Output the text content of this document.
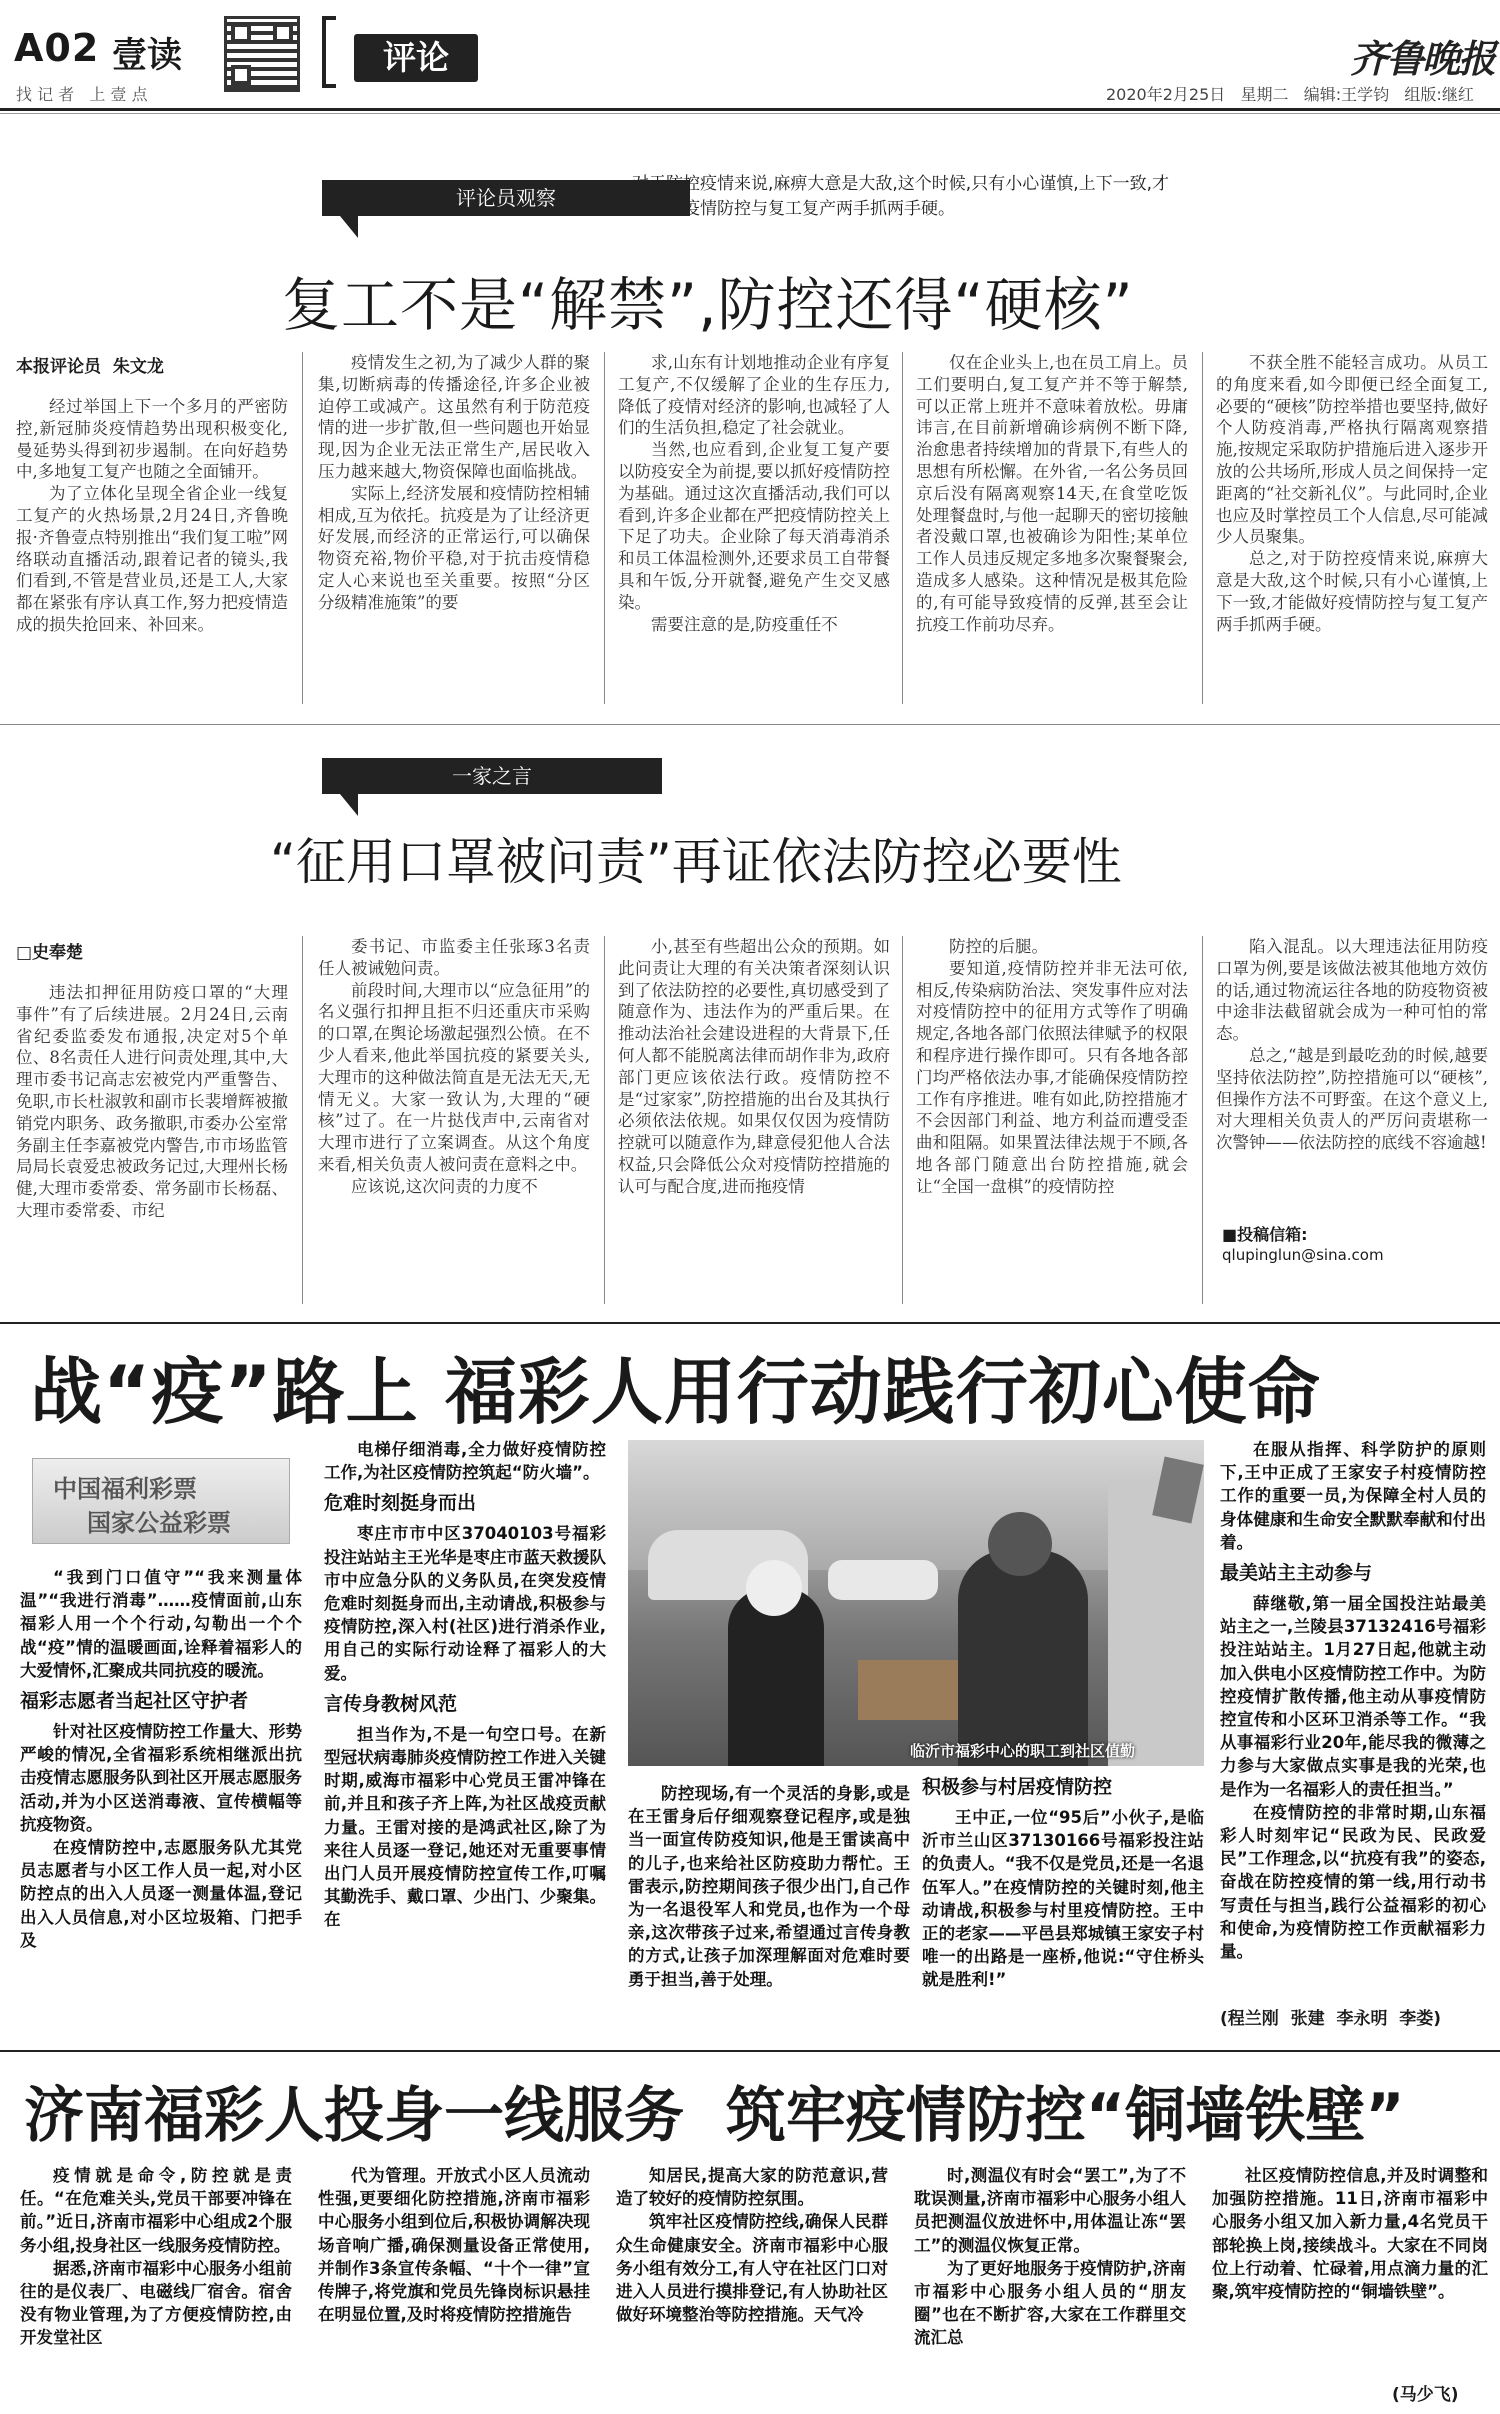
A02 壹读
找 记 者   上 壹 点
评论	齐鲁晚报
2020年2月25日   星期二   编辑:王学钧   组版:继红
评论员观察
对于防控疫情来说,麻痹大意是大敌,这个时候,只有小心谨慎,上下一致,才能做好疫情防控与复工复产两手抓两手硬。
复工不是“解禁”,防控还得“硬核”
本报评论员  朱文龙

经过举国上下一个多月的严密防控,新冠肺炎疫情趋势出现积极变化,曼延势头得到初步遏制。在向好趋势中,多地复工复产也随之全面铺开。

为了立体化呈现全省企业一线复工复产的火热场景,2月24日,齐鲁晚报·齐鲁壹点特别推出“我们复工啦”网络联动直播活动,跟着记者的镜头,我们看到,不管是营业员,还是工人,大家都在紧张有序认真工作,努力把疫情造成的损失抢回来、补回来。

疫情发生之初,为了减少人群的聚集,切断病毒的传播途径,许多企业被迫停工或减产。这虽然有利于防范疫情的进一步扩散,但一些问题也开始显现,因为企业无法正常生产,居民收入压力越来越大,物资保障也面临挑战。

实际上,经济发展和疫情防控相辅相成,互为依托。抗疫是为了让经济更好发展,而经济的正常运行,可以确保物资充裕,物价平稳,对于抗击疫情稳定人心来说也至关重要。按照“分区分级精准施策”的要

求,山东有计划地推动企业有序复工复产,不仅缓解了企业的生存压力,降低了疫情对经济的影响,也减轻了人们的生活负担,稳定了社会就业。

当然,也应看到,企业复工复产要以防疫安全为前提,要以抓好疫情防控为基础。通过这次直播活动,我们可以看到,许多企业都在严把疫情防控关上下足了功夫。企业除了每天消毒消杀和员工体温检测外,还要求员工自带餐具和午饭,分开就餐,避免产生交叉感染。

需要注意的是,防疫重任不

仅在企业头上,也在员工肩上。员工们要明白,复工复产并不等于解禁,可以正常上班并不意味着放松。毋庸讳言,在目前新增确诊病例不断下降,治愈患者持续增加的背景下,有些人的思想有所松懈。在外省,一名公务员回京后没有隔离观察14天,在食堂吃饭处理餐盘时,与他一起聊天的密切接触者没戴口罩,也被确诊为阳性;某单位工作人员违反规定多地多次聚餐聚会,造成多人感染。这种情况是极其危险的,有可能导致疫情的反弹,甚至会让抗疫工作前功尽弃。

不获全胜不能轻言成功。从员工的角度来看,如今即便已经全面复工,必要的“硬核”防控举措也要坚持,做好个人防疫消毒,严格执行隔离观察措施,按规定采取防护措施后进入逐步开放的公共场所,形成人员之间保持一定距离的“社交新礼仪”。与此同时,企业也应及时掌控员工个人信息,尽可能减少人员聚集。

总之,对于防控疫情来说,麻痹大意是大敌,这个时候,只有小心谨慎,上下一致,才能做好疫情防控与复工复产两手抓两手硬。

一家之言
“征用口罩被问责”再证依法防控必要性
□史奉楚

违法扣押征用防疫口罩的“大理事件”有了后续进展。2月24日,云南省纪委监委发布通报,决定对5个单位、8名责任人进行问责处理,其中,大理市委书记高志宏被党内严重警告、免职,市长杜淑敦和副市长裴增辉被撤销党内职务、政务撤职,市委办公室常务副主任李嘉被党内警告,市市场监管局局长袁爱忠被政务记过,大理州长杨健,大理市委常委、常务副市长杨磊、大理市委常委、市纪

委书记、市监委主任张琢3名责任人被诫勉问责。

前段时间,大理市以“应急征用”的名义强行扣押且拒不归还重庆市采购的口罩,在舆论场激起强烈公愤。在不少人看来,他此举国抗疫的紧要关头,大理市的这种做法简直是无法无天,无情无义。大家一致认为,大理的“硬核”过了。在一片挞伐声中,云南省对大理市进行了立案调查。从这个角度来看,相关负责人被问责在意料之中。

应该说,这次问责的力度不

小,甚至有些超出公众的预期。如此问责让大理的有关决策者深刻认识到了依法防控的必要性,真切感受到了随意作为、违法作为的严重后果。在推动法治社会建设进程的大背景下,任何人都不能脱离法律而胡作非为,政府部门更应该依法行政。疫情防控不是“过家家”,防控措施的出台及其执行必须依法依规。如果仅仅因为疫情防控就可以随意作为,肆意侵犯他人合法权益,只会降低公众对疫情防控措施的认可与配合度,进而拖疫情

防控的后腿。

要知道,疫情防控并非无法可依,相反,传染病防治法、突发事件应对法对疫情防控中的征用方式等作了明确规定,各地各部门依照法律赋予的权限和程序进行操作即可。只有各地各部门均严格依法办事,才能确保疫情防控工作有序推进。唯有如此,防控措施才不会因部门利益、地方利益而遭受歪曲和阻隔。如果置法律法规于不顾,各地各部门随意出台防控措施,就会让“全国一盘棋”的疫情防控

陷入混乱。以大理违法征用防疫口罩为例,要是该做法被其他地方效仿的话,通过物流运往各地的防疫物资被中途非法截留就会成为一种可怕的常态。

总之,“越是到最吃劲的时候,越要坚持依法防控”,防控措施可以“硬核”,但操作方法不可野蛮。在这个意义上,对大理相关负责人的严厉问责堪称一次警钟——依法防控的底线不容逾越!

■投稿信箱:
qlupinglun@sina.com
战“疫”路上 福彩人用行动践行初心使命
中国福利彩票
国家公益彩票

“我到门口值守”“我来测量体温”“我进行消毒”……疫情面前,山东福彩人用一个个行动,勾勒出一个个战“疫”情的温暖画面,诠释着福彩人的大爱情怀,汇聚成共同抗疫的暖流。

福彩志愿者当起社区守护者

针对社区疫情防控工作量大、形势严峻的情况,全省福彩系统相继派出抗击疫情志愿服务队到社区开展志愿服务活动,并为小区送消毒液、宣传横幅等抗疫物资。

在疫情防控中,志愿服务队尤其党员志愿者与小区工作人员一起,对小区防控点的出入人员逐一测量体温,登记出入人员信息,对小区垃圾箱、门把手及

电梯仔细消毒,全力做好疫情防控工作,为社区疫情防控筑起“防火墙”。

危难时刻挺身而出

枣庄市市中区37040103号福彩投注站站主王光华是枣庄市蓝天救援队市中应急分队的义务队员,在突发疫情危难时刻挺身而出,主动请战,积极参与疫情防控,深入村(社区)进行消杀作业,用自己的实际行动诠释了福彩人的大爱。

言传身教树风范

担当作为,不是一句空口号。在新型冠状病毒肺炎疫情防控工作进入关键时期,威海市福彩中心党员王雷冲锋在前,并且和孩子齐上阵,为社区战疫贡献力量。王雷对接的是鸿武社区,除了为来往人员逐一登记,她还对无重要事情出门人员开展疫情防控宣传工作,叮嘱其勤洗手、戴口罩、少出门、少聚集。在

临沂市福彩中心的职工到社区值勤

防控现场,有一个灵活的身影,或是在王雷身后仔细观察登记程序,或是独当一面宣传防疫知识,他是王雷读高中的儿子,也来给社区防疫助力帮忙。王雷表示,防控期间孩子很少出门,自己作为一名退役军人和党员,也作为一个母亲,这次带孩子过来,希望通过言传身教的方式,让孩子加深理解面对危难时要勇于担当,善于处理。

积极参与村居疫情防控

王中正,一位“95后”小伙子,是临沂市兰山区37130166号福彩投注站的负责人。“我不仅是党员,还是一名退伍军人。”在疫情防控的关键时刻,他主动请战,积极参与村里疫情防控。王中正的老家——平邑县郑城镇王家安子村唯一的出路是一座桥,他说:“守住桥头就是胜利!”

在服从指挥、科学防护的原则下,王中正成了王家安子村疫情防控工作的重要一员,为保障全村人员的身体健康和生命安全默默奉献和付出着。

最美站主主动参与

薛继敬,第一届全国投注站最美站主之一,兰陵县37132416号福彩投注站站主。1月27日起,他就主动加入供电小区疫情防控工作中。为防控疫情扩散传播,他主动从事疫情防控宣传和小区环卫消杀等工作。“我从事福彩行业20年,能尽我的微薄之力参与大家做点实事是我的光荣,也是作为一名福彩人的责任担当。”

在疫情防控的非常时期,山东福彩人时刻牢记“民政为民、民政爱民”工作理念,以“抗疫有我”的姿态,奋战在防控疫情的第一线,用行动书写责任与担当,践行公益福彩的初心和使命,为疫情防控工作贡献福彩力量。

(程兰刚  张建  李永明  李娄)
济南福彩人投身一线服务  筑牢疫情防控“铜墙铁壁”

疫情就是命令,防控就是责任。“在危难关头,党员干部要冲锋在前。”近日,济南市福彩中心组成2个服务小组,投身社区一线服务疫情防控。

据悉,济南市福彩中心服务小组前往的是仪表厂、电磁线厂宿舍。宿舍没有物业管理,为了方便疫情防控,由开发堂社区

代为管理。开放式小区人员流动性强,更要细化防控措施,济南市福彩中心服务小组到位后,积极协调解决现场音响广播,确保测量设备正常使用,并制作3条宣传条幅、“十个一律”宣传牌子,将党旗和党员先锋岗标识悬挂在明显位置,及时将疫情防控措施告

知居民,提高大家的防范意识,营造了较好的疫情防控氛围。

筑牢社区疫情防控线,确保人民群众生命健康安全。济南市福彩中心服务小组有效分工,有人守在社区门口对进入人员进行摸排登记,有人协助社区做好环境整治等防控措施。天气冷

时,测温仪有时会“罢工”,为了不耽误测量,济南市福彩中心服务小组人员把测温仪放进怀中,用体温让冻“罢工”的测温仪恢复正常。

为了更好地服务于疫情防护,济南市福彩中心服务小组人员的“朋友圈”也在不断扩容,大家在工作群里交流汇总

社区疫情防控信息,并及时调整和加强防控措施。11日,济南市福彩中心服务小组又加入新力量,4名党员干部轮换上岗,接续战斗。大家在不同岗位上行动着、忙碌着,用点滴力量的汇聚,筑牢疫情防控的“铜墙铁壁”。

(马少飞)
